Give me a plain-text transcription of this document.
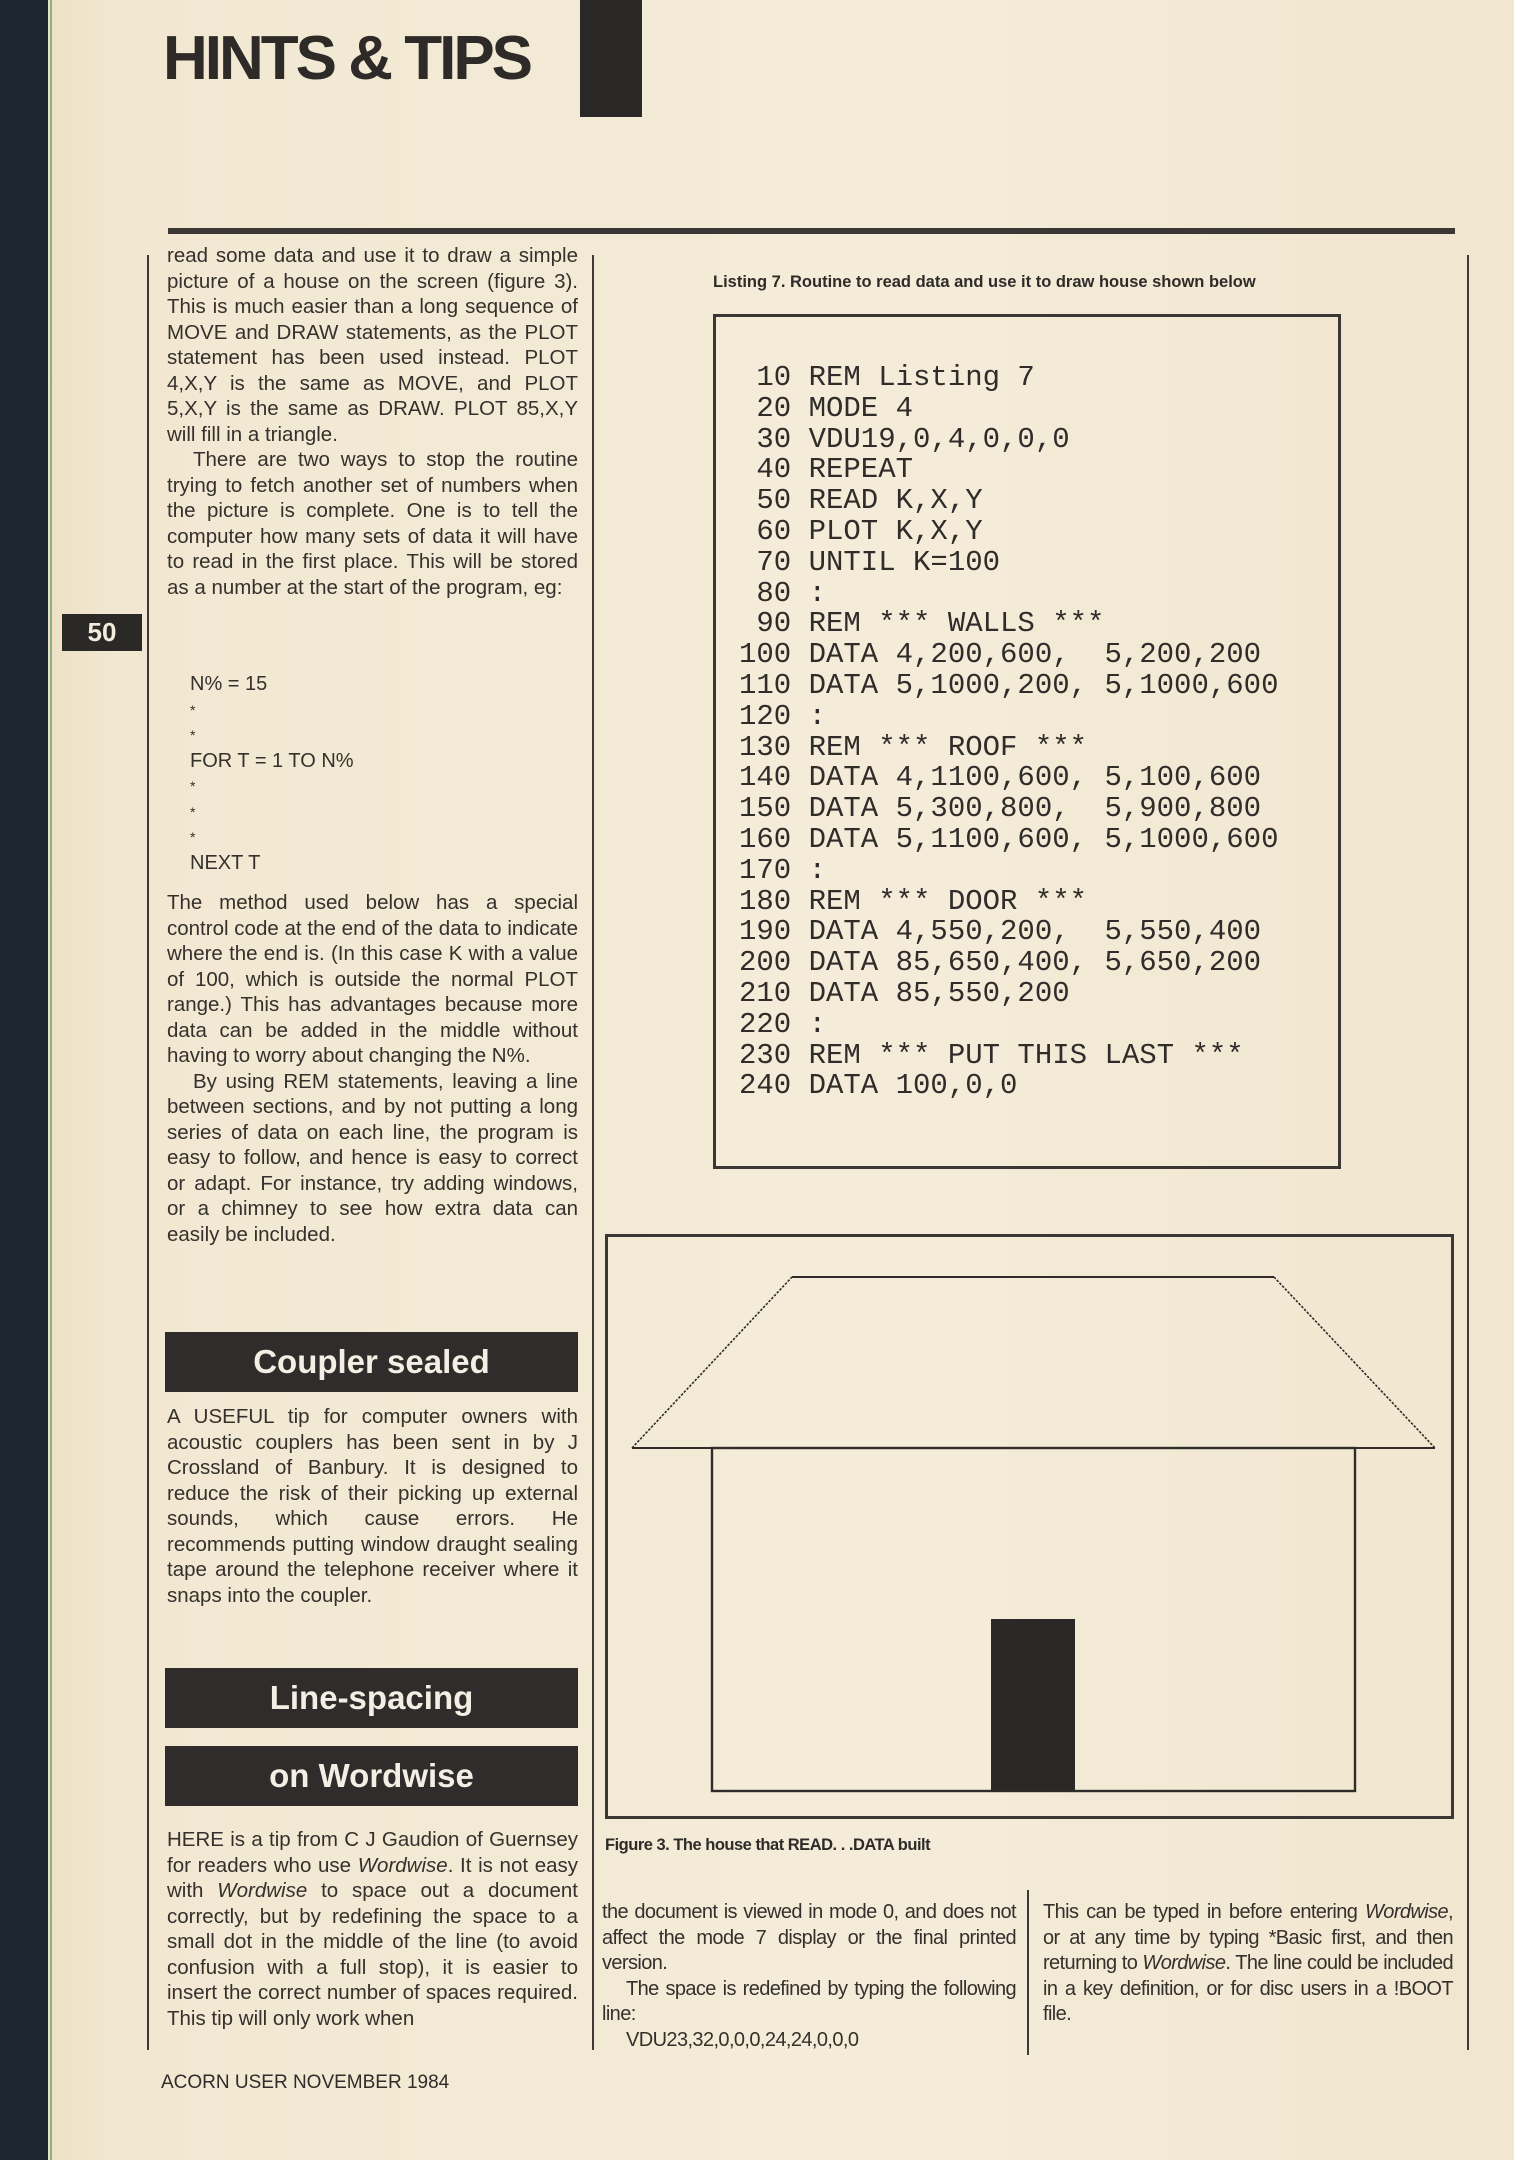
HINTS & TIPS
50

read some data and use it to draw a simple picture of a house on the screen (figure 3). This is much easier than a long sequence of MOVE and DRAW statements, as the PLOT statement has been used instead. PLOT 4,X,Y is the same as MOVE, and PLOT 5,X,Y is the same as DRAW. PLOT 85,X,Y will fill in a triangle.

There are two ways to stop the routine trying to fetch another set of numbers when the picture is complete. One is to tell the computer how many sets of data it will have to read in the first place. This will be stored as a number at the start of the program, eg:

N% = 15
*
*
FOR T = 1 TO N%
*
*
*
NEXT T

The method used below has a special control code at the end of the data to indicate where the end is. (In this case K with a value of 100, which is outside the normal PLOT range.) This has advantages because more data can be added in the middle without having to worry about changing the N%.

By using REM statements, leaving a line between sections, and by not putting a long series of data on each line, the program is easy to follow, and hence is easy to correct or adapt. For instance, try adding windows, or a chimney to see how extra data can easily be included.

Coupler sealed

A USEFUL tip for computer owners with acoustic couplers has been sent in by J Crossland of Banbury. It is designed to reduce the risk of their picking up external sounds, which cause errors. He recommends putting window draught sealing tape around the telephone receiver where it snaps into the coupler.

Line-spacing
on Wordwise

HERE is a tip from C J Gaudion of Guernsey for readers who use Wordwise. It is not easy with Wordwise to space out a document correctly, but by redefining the space to a small dot in the middle of the line (to avoid confusion with a full stop), it is easier to insert the correct number of spaces required. This tip will only work when

Listing 7. Routine to read data and use it to draw house shown below
10 REM Listing 7
20 MODE 4
30 VDU19,0,4,0,0,0
40 REPEAT
50 READ K,X,Y
60 PLOT K,X,Y
70 UNTIL K=100
80 :
90 REM *** WALLS ***
100 DATA 4,200,600,  5,200,200
110 DATA 5,1000,200, 5,1000,600
120 :
130 REM *** ROOF ***
140 DATA 4,1100,600, 5,100,600
150 DATA 5,300,800,  5,900,800
160 DATA 5,1100,600, 5,1000,600
170 :
180 REM *** DOOR ***
190 DATA 4,550,200,  5,550,400
200 DATA 85,650,400, 5,650,200
210 DATA 85,550,200
220 :
230 REM *** PUT THIS LAST ***
240 DATA 100,0,0
Figure 3. The house that READ. . .DATA built

the document is viewed in mode 0, and does not affect the mode 7 display or the final printed version.

The space is redefined by typing the following line:

VDU23,32,0,0,0,24,24,0,0,0

This can be typed in before entering Wordwise, or at any time by typing *Basic first, and then returning to Wordwise. The line could be included in a key definition, or for disc users in a !BOOT file.

ACORN USER NOVEMBER 1984
